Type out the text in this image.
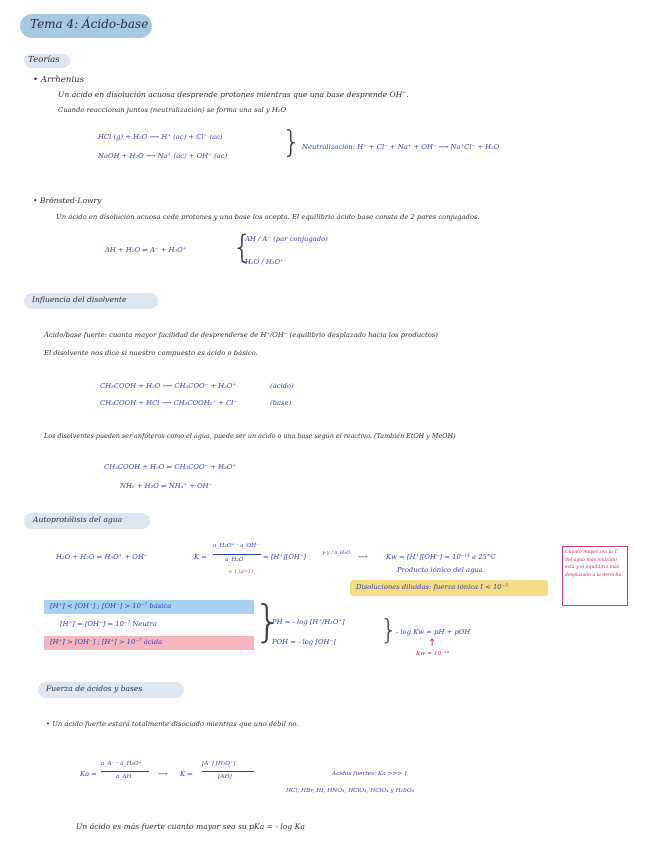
Tema 4: Ácido-base
Teorías
• Arrhenius
Un ácido en disolución acuosa desprende protones mientras que una base desprende OH⁻.
Cuando reaccionan juntos (neutralización) se forma una sal y H₂O
HCl (g) + H₂O ⟶ H⁺ (ac) + Cl⁻ (ac)
NaOH + H₂O ⟶ Na⁺ (ac) + OH⁻ (ac) } Neutralización: H⁺ + Cl⁻ + Na⁺ + OH⁻ ⟶ Na⁺Cl⁻ + H₂O
• Brönsted-Lowry
Un ácido en disolución acuosa cede protones y una base los acepta. El equilibrio ácido base consta de 2 pares conjugados.
AH + H₂O ⇌ A⁻ + H₃O⁺ {
AH / A⁻ (par conjugado)
H₂O / H₃O⁺
Influencia del disolvente
Ácido/base fuerte: cuanta mayor facilidad de desprenderse de H⁺/OH⁻ (equilibrio desplazado hacia los productos)
El disolvente nos dice si nuestro compuesto es ácido o básico.
CH₃COOH + H₂O ⟶ CH₃COO⁻ + H₃O⁺	(ácido)
CH₃COOH + HCl ⟶ CH₃COOH₂⁺ + Cl⁻	(base)
Los disolventes pueden ser anfóteros como el agua, puede ser un ácido o una base según el reactivo. (También EtOH y MeOH)
CH₃COOH + H₂O ⇌ CH₃COO⁻ + H₃O⁺
NH₃ + H₂O ⇌ NH₄⁺ + OH⁻
Autoprotólisis del agua
H₂O + H₂O ⇌ H₃O⁺ + OH⁻	K =
a_H₃O⁺ · a_OH⁻
a_H₂O
≈ 1 (a=1)
= [H⁺][OH⁻]	γ·γ / a_H₂O ⟶	Kw = [H⁺][OH⁻] = 10⁻¹⁴ a 25°C
Producto iónico del agua.
Disoluciones diluidas: fuerza iónica I < 10⁻³
Cuanto mayor sea la T del agua más ionizado está y el equilibrio más desplazado a la derecha.
[H⁺] < [OH⁻] ; [OH⁻] > 10⁻⁷ básica
[H⁺] = [OH⁻] = 10⁻⁷ Neutra
[H⁺] > [OH⁻] ; [H⁺] > 10⁻⁷ ácida }
PH = - log [H⁺/H₃O⁺]
POH = - log [OH⁻] }
- log Kw = pH + pOH
↑
Kw = 10⁻¹⁴
Fuerza de ácidos y bases
• Un ácido fuerte estará totalmente disociado mientras que uno débil no.
Ka =
a_A⁻ · a_H₃O⁺
a_AH	⟶ K =
[A⁻] [H₃O⁺]
[AH]	Ácidos fuertes: Ka >>> 1
HCl, HBr, HI, HNO₃, HClO₃, HClO₄ y H₂SO₄
Un ácido es más fuerte cuanto mayor sea su pKa = - log Ka
